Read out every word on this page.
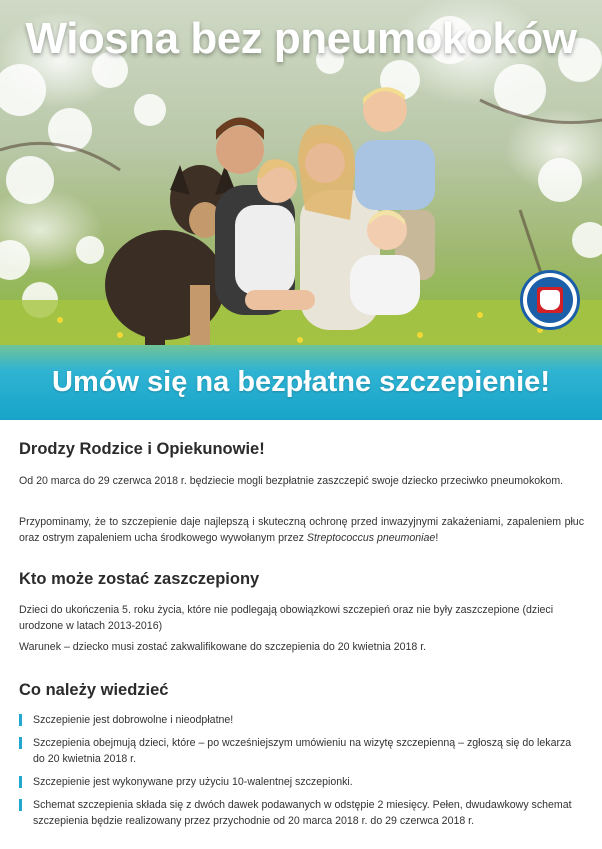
Wiosna bez pneumokoków
Umów się na bezpłatne szczepienie!
Drodzy Rodzice i Opiekunowie!

Od 20 marca do 29 czerwca 2018 r. będziecie mogli bezpłatnie zaszczepić swoje dziecko przeciwko pneumokokom.

Przypominamy, że to szczepienie daje najlepszą i skuteczną ochronę przed inwazyjnymi zakażeniami, zapaleniem płuc oraz ostrym zapaleniem ucha środkowego wywołanym przez Streptococcus pneumoniae!

Kto może zostać zaszczepiony

Dzieci do ukończenia 5. roku życia, które nie podlegają obowiązkowi szczepień oraz nie były zaszczepione (dzieci urodzone w latach 2013-2016)

Warunek – dziecko musi zostać zakwalifikowane do szczepienia do 20 kwietnia 2018 r.

Co należy wiedzieć
Szczepienie jest dobrowolne i nieodpłatne!
Szczepienia obejmują dzieci, które – po wcześniejszym umówieniu na wizytę szczepienną – zgłoszą się do lekarza do 20 kwietnia 2018 r.
Szczepienie jest wykonywane przy użyciu 10-walentnej szczepionki.
Schemat szczepienia składa się z dwóch dawek podawanych w odstępie 2 miesięcy. Pełen, dwudawkowy schemat szczepienia będzie realizowany przez przychodnie od 20 marca 2018 r. do 29 czerwca 2018 r.
